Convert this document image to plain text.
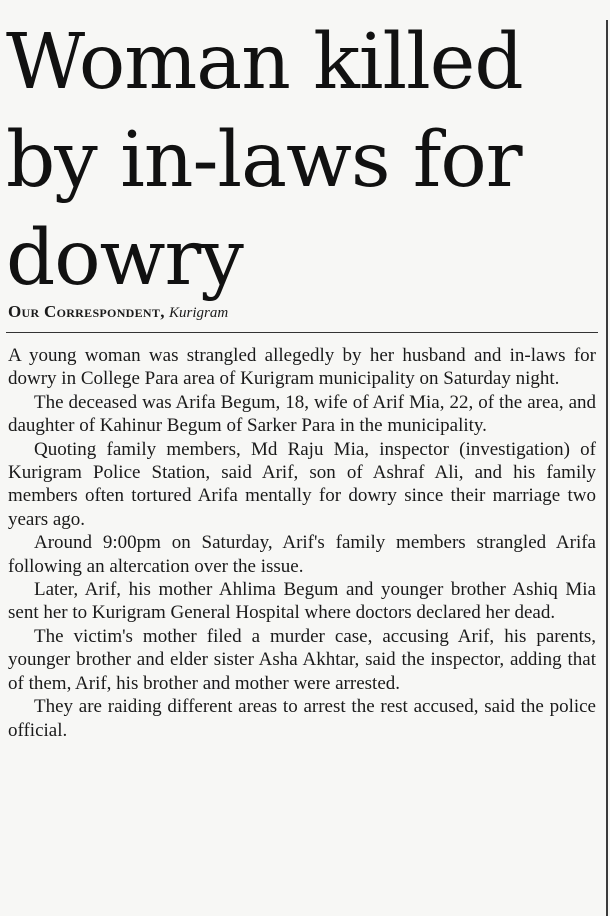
Woman killed by in-laws for dowry
Our Correspondent, Kurigram

A young woman was strangled allegedly by her husband and in-laws for dowry in College Para area of Kurigram municipality on Saturday night.

The deceased was Arifa Begum, 18, wife of Arif Mia, 22, of the area, and daughter of Kahinur Begum of Sarker Para in the municipality.

Quoting family members, Md Raju Mia, inspector (investigation) of Kurigram Police Station, said Arif, son of Ashraf Ali, and his family members often tortured Arifa mentally for dowry since their marriage two years ago.

Around 9:00pm on Saturday, Arif's family members strangled Arifa following an altercation over the issue.

Later, Arif, his mother Ahlima Begum and younger brother Ashiq Mia sent her to Kurigram General Hospital where doctors declared her dead.

The victim's mother filed a murder case, accusing Arif, his parents, younger brother and elder sister Asha Akhtar, said the inspector, adding that of them, Arif, his brother and mother were arrested.

They are raiding different areas to arrest the rest accused, said the police official.
